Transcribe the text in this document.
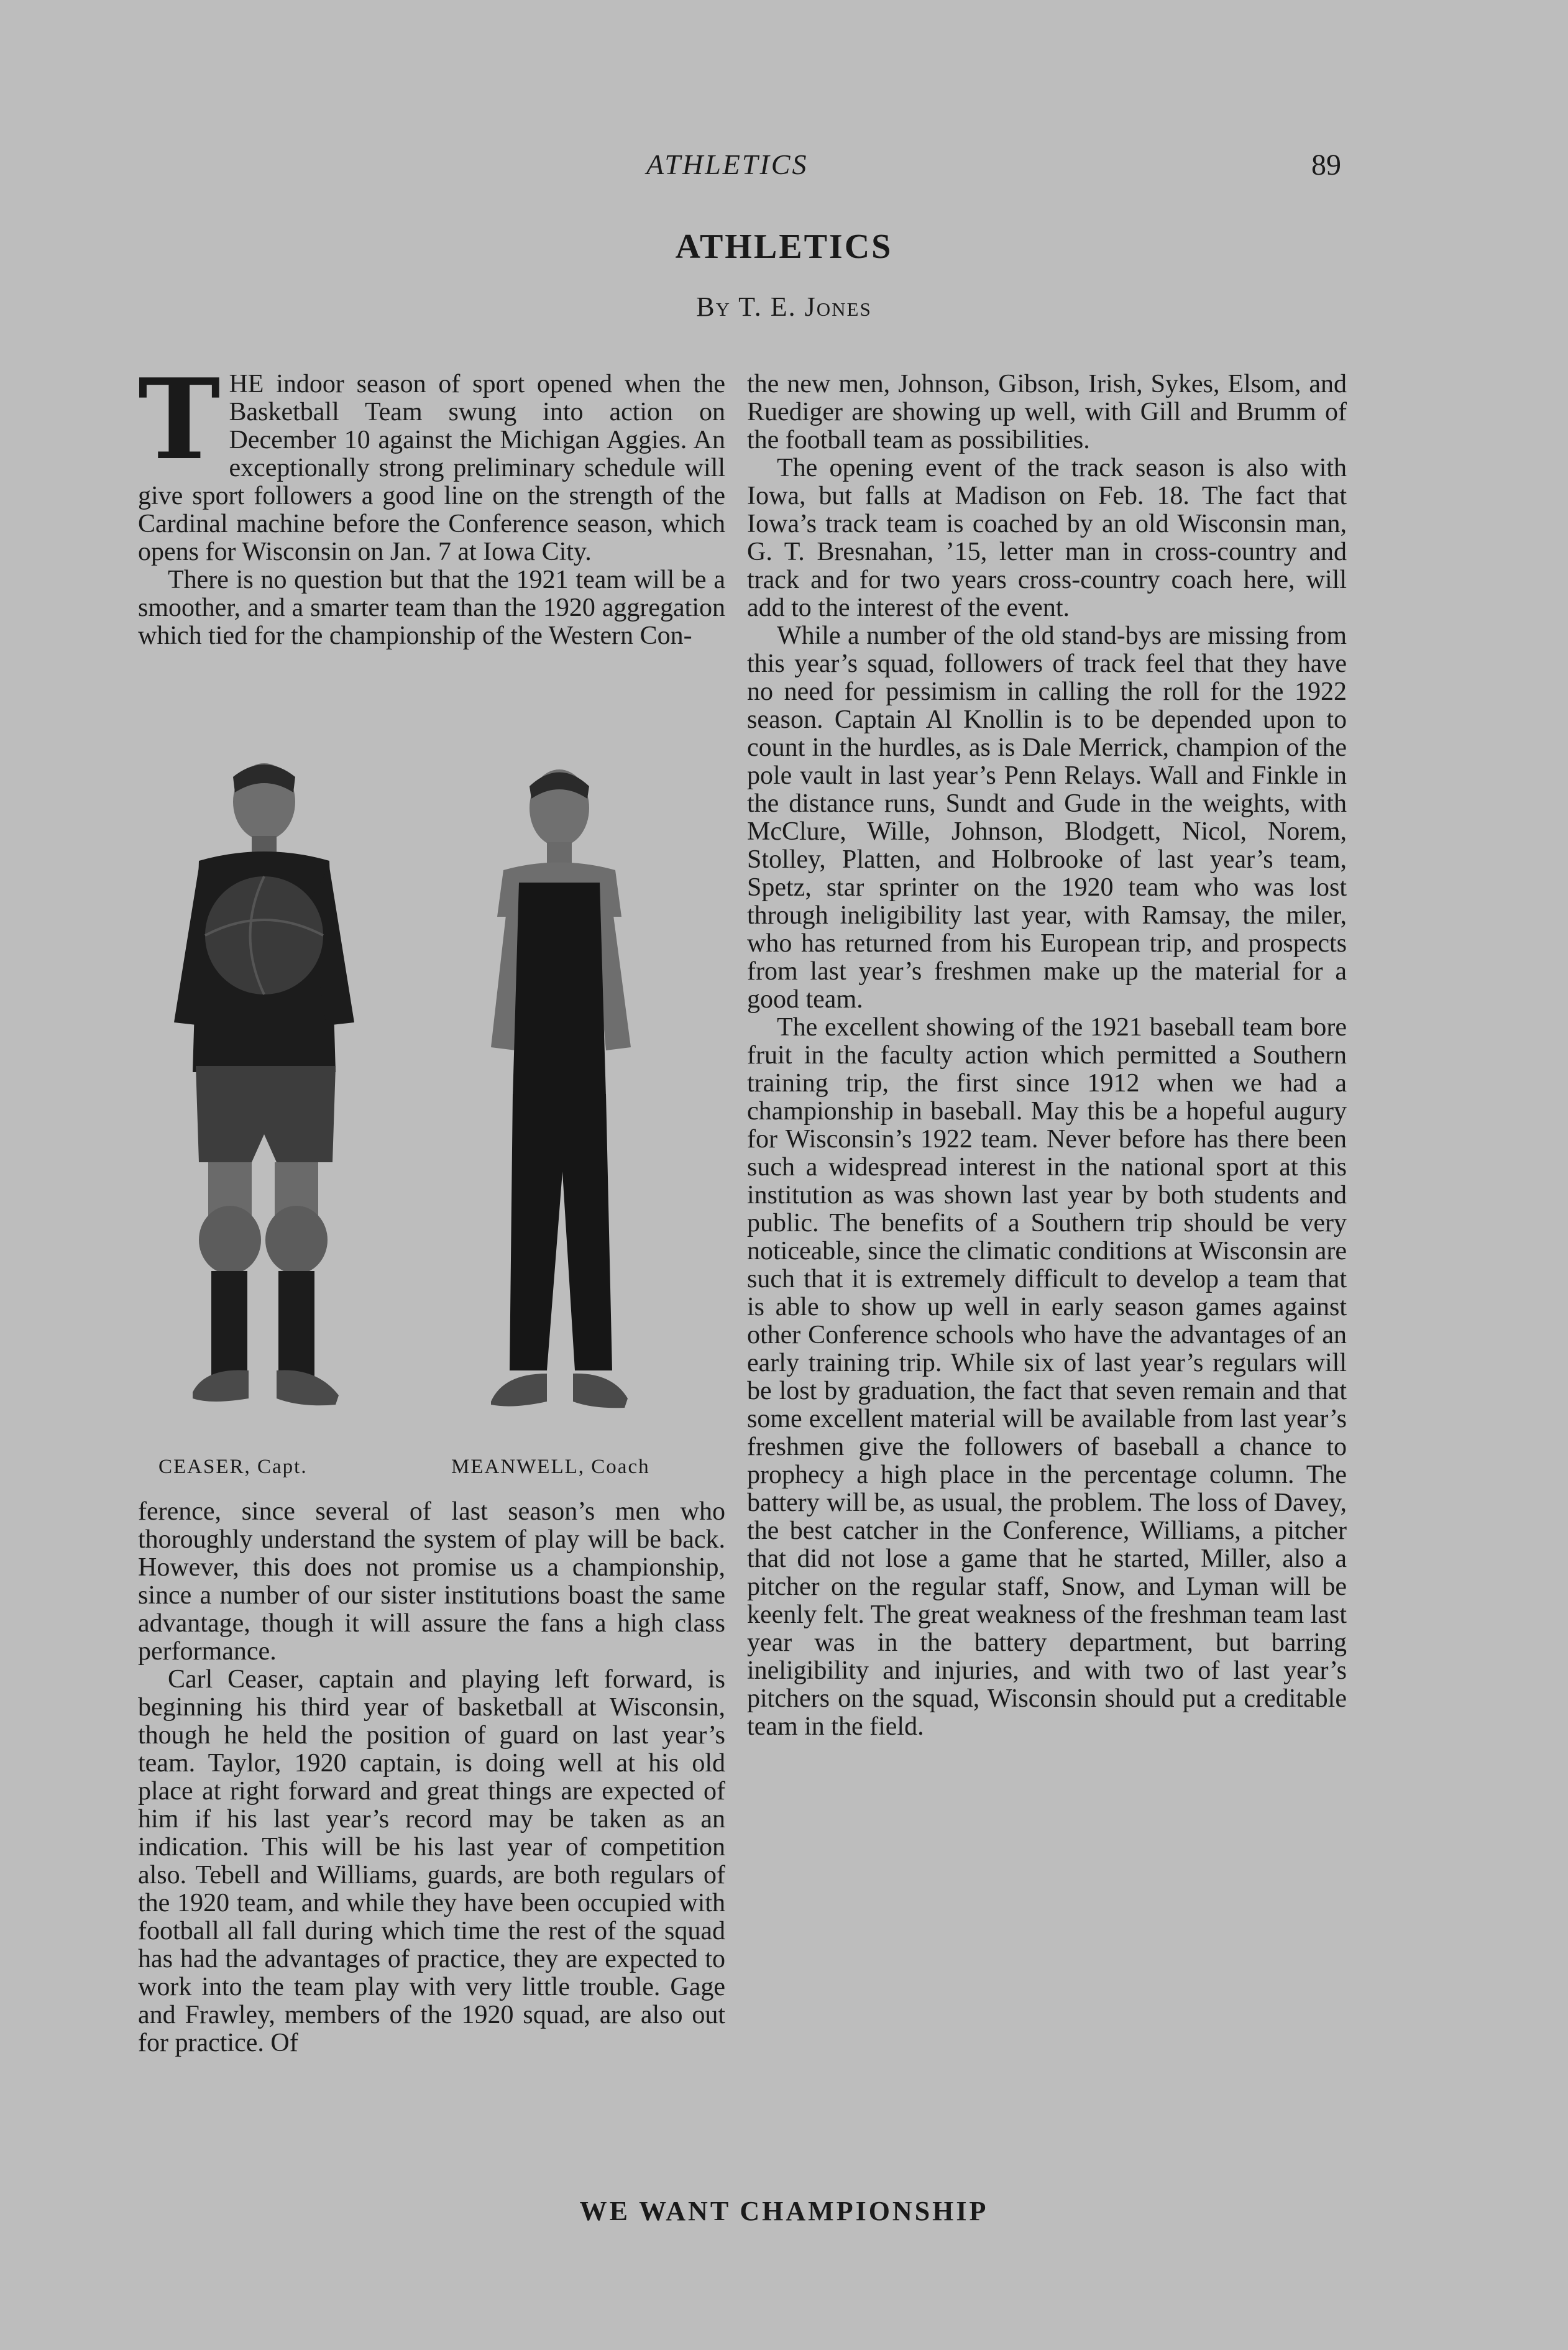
ATHLETICS	89
ATHLETICS
By T. E. Jones

THE indoor season of sport opened when the Basketball Team swung into action on December 10 against the Michigan Aggies. An exceptionally strong preliminary schedule will give sport followers a good line on the strength of the Cardinal machine before the Conference season, which opens for Wisconsin on Jan. 7 at Iowa City.

There is no question but that the 1921 team will be a smoother, and a smarter team than the 1920 aggregation which tied for the championship of the Western Con-

CEASER, Capt.	MEANWELL, Coach

ference, since several of last season’s men who thoroughly understand the system of play will be back. However, this does not promise us a championship, since a number of our sister institutions boast the same advantage, though it will assure the fans a high class performance.

Carl Ceaser, captain and playing left forward, is beginning his third year of basketball at Wisconsin, though he held the position of guard on last year’s team. Taylor, 1920 captain, is doing well at his old place at right forward and great things are expected of him if his last year’s record may be taken as an indication. This will be his last year of competition also. Tebell and Williams, guards, are both regulars of the 1920 team, and while they have been occupied with football all fall during which time the rest of the squad has had the advantages of practice, they are expected to work into the team play with very little trouble. Gage and Frawley, members of the 1920 squad, are also out for practice. Of

the new men, Johnson, Gibson, Irish, Sykes, Elsom, and Ruediger are showing up well, with Gill and Brumm of the football team as possibilities.

The opening event of the track season is also with Iowa, but falls at Madison on Feb. 18. The fact that Iowa’s track team is coached by an old Wisconsin man, G. T. Bresnahan, ’15, letter man in cross-country and track and for two years cross-country coach here, will add to the interest of the event.

While a number of the old stand-bys are missing from this year’s squad, followers of track feel that they have no need for pessimism in calling the roll for the 1922 season. Captain Al Knollin is to be depended upon to count in the hurdles, as is Dale Merrick, champion of the pole vault in last year’s Penn Relays. Wall and Finkle in the distance runs, Sundt and Gude in the weights, with McClure, Wille, Johnson, Blodgett, Nicol, Norem, Stolley, Platten, and Holbrooke of last year’s team, Spetz, star sprinter on the 1920 team who was lost through ineligibility last year, with Ramsay, the miler, who has returned from his European trip, and prospects from last year’s freshmen make up the material for a good team.

The excellent showing of the 1921 baseball team bore fruit in the faculty action which permitted a Southern training trip, the first since 1912 when we had a championship in baseball. May this be a hopeful augury for Wisconsin’s 1922 team. Never before has there been such a widespread interest in the national sport at this institution as was shown last year by both students and public. The benefits of a Southern trip should be very noticeable, since the climatic conditions at Wisconsin are such that it is extremely difficult to develop a team that is able to show up well in early season games against other Conference schools who have the advantages of an early training trip. While six of last year’s regulars will be lost by graduation, the fact that seven remain and that some excellent material will be available from last year’s freshmen give the followers of baseball a chance to prophecy a high place in the percentage column. The battery will be, as usual, the problem. The loss of Davey, the best catcher in the Conference, Williams, a pitcher that did not lose a game that he started, Miller, also a pitcher on the regular staff, Snow, and Lyman will be keenly felt. The great weakness of the freshman team last year was in the battery department, but barring ineligibility and injuries, and with two of last year’s pitchers on the squad, Wisconsin should put a creditable team in the field.

WE WANT CHAMPIONSHIP
